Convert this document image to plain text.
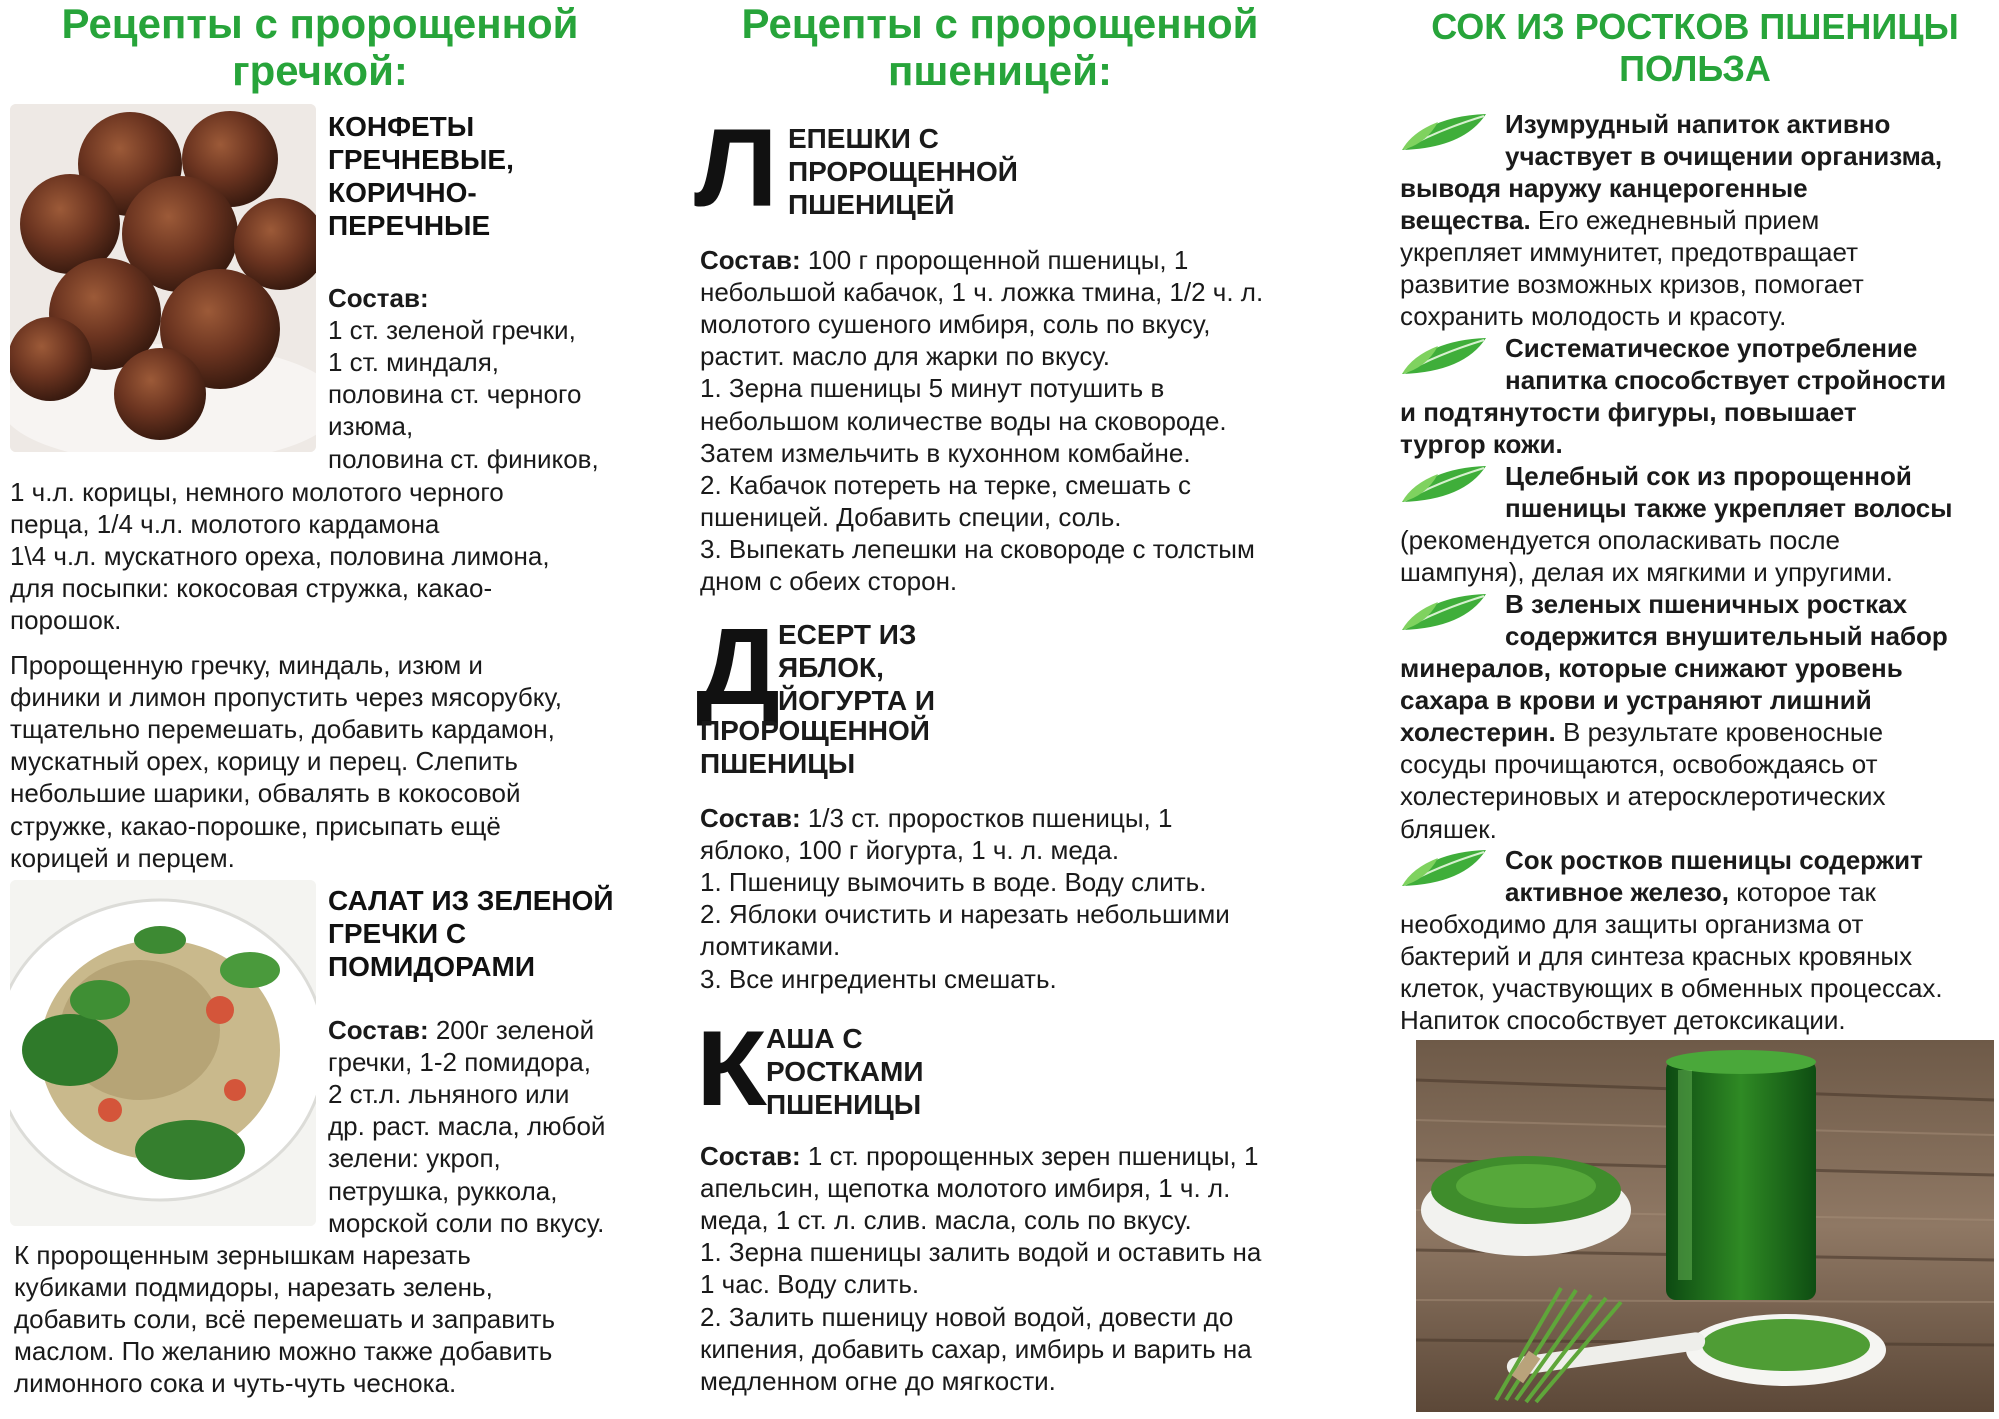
Рецепты с пророщенной гречкой:
КОНФЕТЫ
ГРЕЧНЕВЫЕ,
КОРИЧНО-
ПЕРЕЧНЫЕ
Состав:
1 ст. зеленой гречки,
1 ст. миндаля,
половина ст. черного
изюма,
половина ст. фиников,
1 ч.л. корицы, немного молотого черного
перца, 1/4 ч.л. молотого кардамона
1\4 ч.л. мускатного ореха, половина лимона,
для посыпки: кокосовая стружка, какао-
порошок.
Пророщенную гречку, миндаль, изюм и
финики и лимон пропустить через мясорубку,
тщательно перемешать, добавить кардамон,
мускатный орех, корицу и перец. Слепить
небольшие шарики, обвалять в кокосовой
стружке, какао-порошке, присыпать ещё
корицей и перцем.
САЛАТ ИЗ ЗЕЛЕНОЙ
ГРЕЧКИ С
ПОМИДОРАМИ
Состав: 200г зеленой
гречки, 1-2 помидора,
2 ст.л. льняного или
др. раст. масла, любой
зелени: укроп,
петрушка, руккола,
морской соли по вкусу.
К пророщенным зернышкам нарезать
кубиками подмидоры, нарезать зелень,
добавить соли, всё перемешать и заправить
маслом. По желанию можно также добавить
лимонного сока и чуть-чуть чеснока.
Рецепты с пророщенной пшеницей:
Л ЕПЕШКИ С
ПРОРОЩЕННОЙ
ПШЕНИЦЕЙ
Состав: 100 г пророщенной пшеницы, 1
небольшой кабачок, 1 ч. ложка тмина, 1/2 ч. л.
молотого сушеного имбиря, соль по вкусу,
растит. масло для жарки по вкусу.
1. Зерна пшеницы 5 минут потушить в
небольшом количестве воды на сковороде.
Затем измельчить в кухонном комбайне.
2. Кабачок потереть на терке, смешать с
пшеницей. Добавить специи, соль.
3. Выпекать лепешки на сковороде с толстым
дном с обеих сторон.
Д
ЕСЕРТ ИЗ
ЯБЛОК,
ЙОГУРТА И
ПРОРОЩЕННОЙ
ПШЕНИЦЫ
Состав: 1/3 ст. проростков пшеницы, 1
яблоко, 100 г йогурта, 1 ч. л. меда.
1. Пшеницу вымочить в воде. Воду слить.
2. Яблоки очистить и нарезать небольшими
ломтиками.
3. Все ингредиенты смешать.
К АША С
РОСТКАМИ
ПШЕНИЦЫ
Состав: 1 ст. пророщенных зерен пшеницы, 1
апельсин, щепотка молотого имбиря, 1 ч. л.
меда, 1 ст. л. слив. масла, соль по вкусу.
1. Зерна пшеницы залить водой и оставить на
1 час. Воду слить.
2. Залить пшеницу новой водой, довести до
кипения, добавить сахар, имбирь и варить на
медленном огне до мягкости.
СОК ИЗ РОСТКОВ ПШЕНИЦЫ
ПОЛЬЗА
Изумрудный напиток активно
участвует в очищении организма,
выводя наружу канцерогенные
вещества. Его ежедневный прием
укрепляет иммунитет, предотвращает
развитие возможных кризов, помогает
сохранить молодость и красоту.
Систематическое употребление
напитка способствует стройности
и подтянутости фигуры, повышает
тургор кожи.
Целебный сок из пророщенной
пшеницы также укрепляет волосы
(рекомендуется ополаскивать после
шампуня), делая их мягкими и упругими.
В зеленых пшеничных ростках
содержится внушительный набор
минералов, которые снижают уровень
сахара в крови и устраняют лишний
холестерин. В результате кровеносные
сосуды прочищаются, освобождаясь от
холестериновых и атеросклеротических
бляшек.
Сок ростков пшеницы содержит
активное железо, которое так
необходимо для защиты организма от
бактерий и для синтеза красных кровяных
клеток, участвующих в обменных процессах.
Напиток способствует детоксикации.
